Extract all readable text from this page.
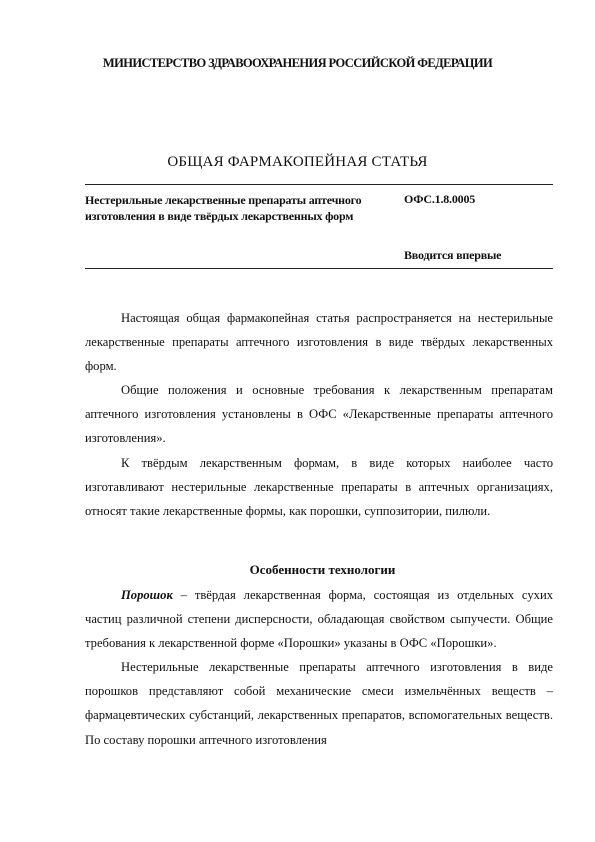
МИНИСТЕРСТВО ЗДРАВООХРАНЕНИЯ РОССИЙСКОЙ ФЕДЕРАЦИИ
ОБЩАЯ ФАРМАКОПЕЙНАЯ СТАТЬЯ
Нестерильные лекарственные препараты аптечного изготовления в виде твёрдых лекарственных форм
ОФС.1.8.0005
Вводится впервые

Настоящая общая фармакопейная статья распространяется на нестерильные лекарственные препараты аптечного изготовления в виде твёрдых лекарственных форм.

Общие положения и основные требования к лекарственным препаратам аптечного изготовления установлены в ОФС «Лекарственные препараты аптечного изготовления».

К твёрдым лекарственным формам, в виде которых наиболее часто изготавливают нестерильные лекарственные препараты в аптечных организациях, относят такие лекарственные формы, как порошки, суппозитории, пилюли.

Особенности технологии

Порошок – твёрдая лекарственная форма, состоящая из отдельных сухих частиц различной степени дисперсности, обладающая свойством сыпучести. Общие требования к лекарственной форме «Порошки» указаны в ОФС «Порошки».

Нестерильные лекарственные препараты аптечного изготовления в виде порошков представляют собой механические смеси измельчённых веществ – фармацевтических субстанций, лекарственных препаратов, вспомогательных веществ. По составу порошки аптечного изготовления
